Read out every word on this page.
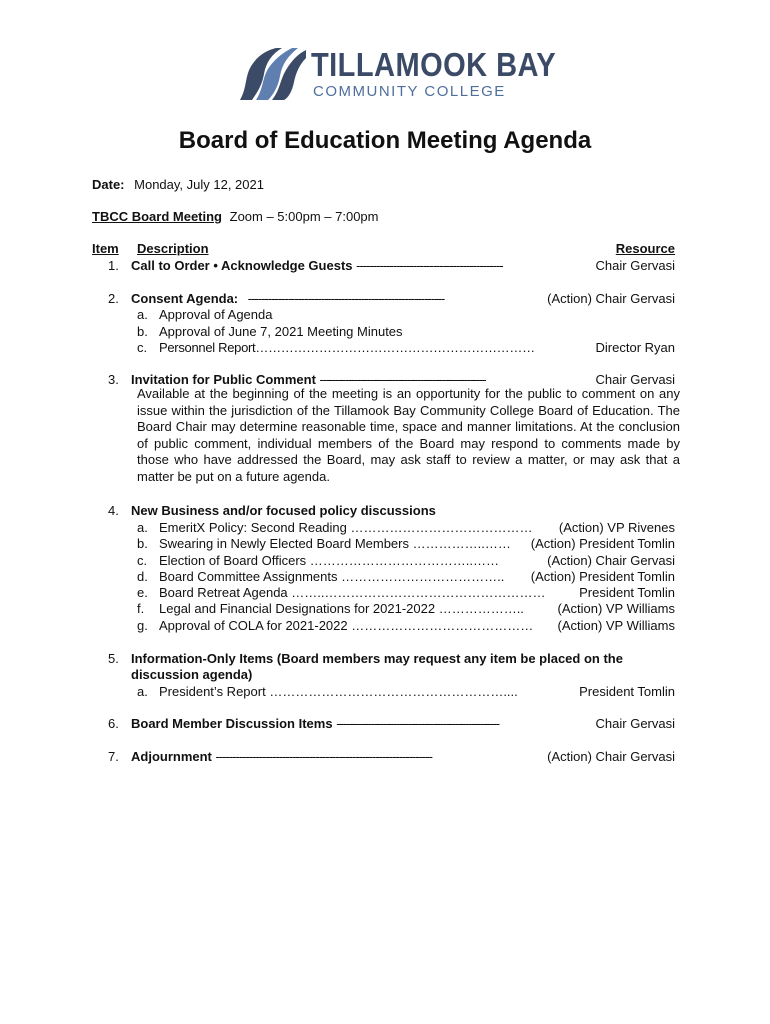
TILLAMOOK BAY
COMMUNITY COLLEGE
Board of Education Meeting Agenda
Date: Monday, July 12, 2021
TBCC Board Meeting Zoom – 5:00pm – 7:00pm
Item Description	Resource
1. Call to Order • Acknowledge Guests --------------------------------------------	Chair Gervasi
2. Consent Agenda: -----------------------------------------------------------	(Action) Chair Gervasi
a. Approval of Agenda
b. Approval of June 7, 2021 Meeting Minutes
c. Personnel Report…………………………………………………………	Director Ryan
3. Invitation for Public Comment -----------------------------------------------------	Chair Gervasi
Available at the beginning of the meeting is an opportunity for the public to comment on any issue within the jurisdiction of the Tillamook Bay Community College Board of Education. The Board Chair may determine reasonable time, space and manner limitations. At the conclusion of public comment, individual members of the Board may respond to comments made by those who have addressed the Board, may ask staff to review a matter, or may ask that a matter be put on a future agenda.
4. New Business and/or focused policy discussions
a. EmeritX Policy: Second Reading …………………………………… (Action) VP Rivenes
b. Swearing in Newly Elected Board Members ……………..…… (Action) President Tomlin
c. Election of Board Officers ………………………………..……	(Action) Chair Gervasi
d. Board Committee Assignments ……………………………….. (Action) President Tomlin
e. Board Retreat Agenda ……..……………………………………………	President Tomlin
f. Legal and Financial Designations for 2021-2022 ………………..	(Action) VP Williams
g. Approval of COLA for 2021-2022 …………………………………… (Action) VP Williams
5. Information-Only Items (Board members may request any item be placed on the
discussion agenda)
a. President’s Report ………………………………………………....	President Tomlin
6. Board Member Discussion Items ----------------------------------------------------	Chair Gervasi
7. Adjournment -----------------------------------------------------------------	(Action) Chair Gervasi
